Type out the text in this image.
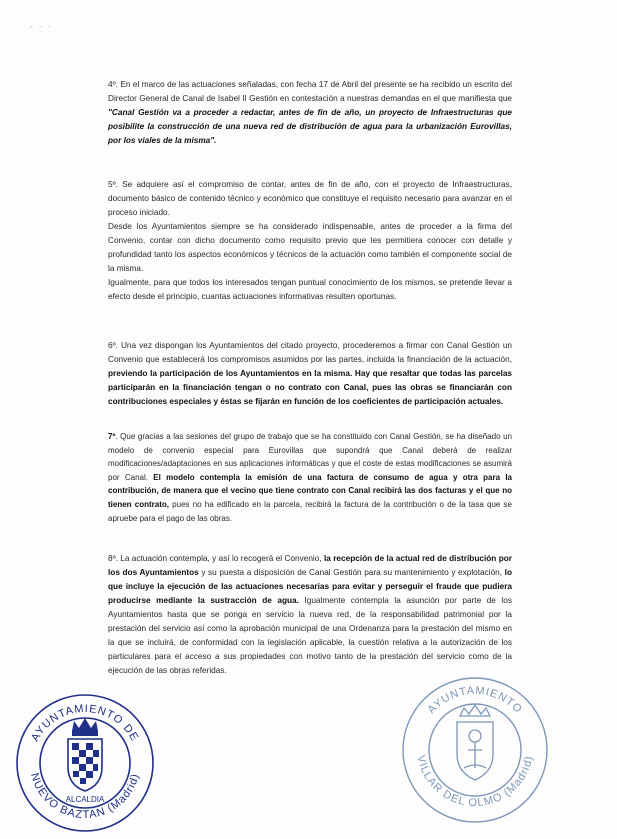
- · ·

4º. En el marco de las actuaciones señaladas, con fecha 17 de Abril del presente se ha recibido un escrito del Director General de Canal de Isabel II Gestión en contestación a nuestras demandas en el que manifiesta que "Canal Gestión va a proceder a redactar, antes de fin de año, un proyecto de Infraestructuras que posibilite la construcción de una nueva red de distribución de agua para la urbanización Eurovillas, por los viales de la misma".

5º. Se adquiere así el compromiso de contar, antes de fin de año, con el proyecto de Infraestructuras, documento básico de contenido técnico y económico que constituye el requisito necesario para avanzar en el proceso iniciado.

Desde los Ayuntamientos siempre se ha considerado indispensable, antes de proceder a la firma del Convenio, contar con dicho documento como requisito previo que les permitiera conocer con detalle y profundidad tanto los aspectos económicos y técnicos de la actuación como también el componente social de la misma.

Igualmente, para que todos los interesados tengan puntual conocimiento de los mismos, se pretende llevar a efecto desde el principio, cuantas actuaciones informativas resulten oportunas.

6º. Una vez dispongan los Ayuntamientos del citado proyecto, procederemos a firmar con Canal Gestión un Convenio que establecerá los compromisos asumidos por las partes, incluida la financiación de la actuación, previendo la participación de los Ayuntamientos en la misma. Hay que resaltar que todas las parcelas participarán en la financiación tengan o no contrato con Canal, pues las obras se financiarán con contribuciones especiales y éstas se fijarán en función de los coeficientes de participación actuales.

7º. Que gracias a las sesiones del grupo de trabajo que se ha constituido con Canal Gestión, se ha diseñado un modelo de convenio especial para Eurovillas que supondrá que Canal deberá de realizar modificaciones/adaptaciones en sus aplicaciones informáticas y que el coste de estas modificaciones se asumirá por Canal. El modelo contempla la emisión de una factura de consumo de agua y otra para la contribución, de manera que el vecino que tiene contrato con Canal recibirá las dos facturas y el que no tienen contrato, pues no ha edificado en la parcela, recibirá la factura de la contribución o de la tasa que se apruebe para el pago de las obras.

8º. La actuación contempla, y así lo recogerá el Convenio, la recepción de la actual red de distribución por los dos Ayuntamientos y su puesta a disposición de Canal Gestión para su mantenimiento y explotación, lo que incluye la ejecución de las actuaciones necesarias para evitar y perseguir el fraude que pudiera producirse mediante la sustracción de agua. Igualmente contempla la asunción por parte de los Ayuntamientos hasta que se ponga en servicio la nueva red, de la responsabilidad patrimonial por la prestación del servicio así como la aprobación municipal de una Ordenanza para la prestación del mismo en la que se incluirá, de conformidad con la legislación aplicable, la cuestión relativa a la autorización de los particulares para el acceso a sus propiedades con motivo tanto de la prestación del servicio como de la ejecución de las obras referidas.

AYUNTAMIENTO DE
NUEVO BAZTAN (Madrid)
ALCALDIA
AYUNTAMIENTO
VILLAR DEL OLMO (Madrid)
